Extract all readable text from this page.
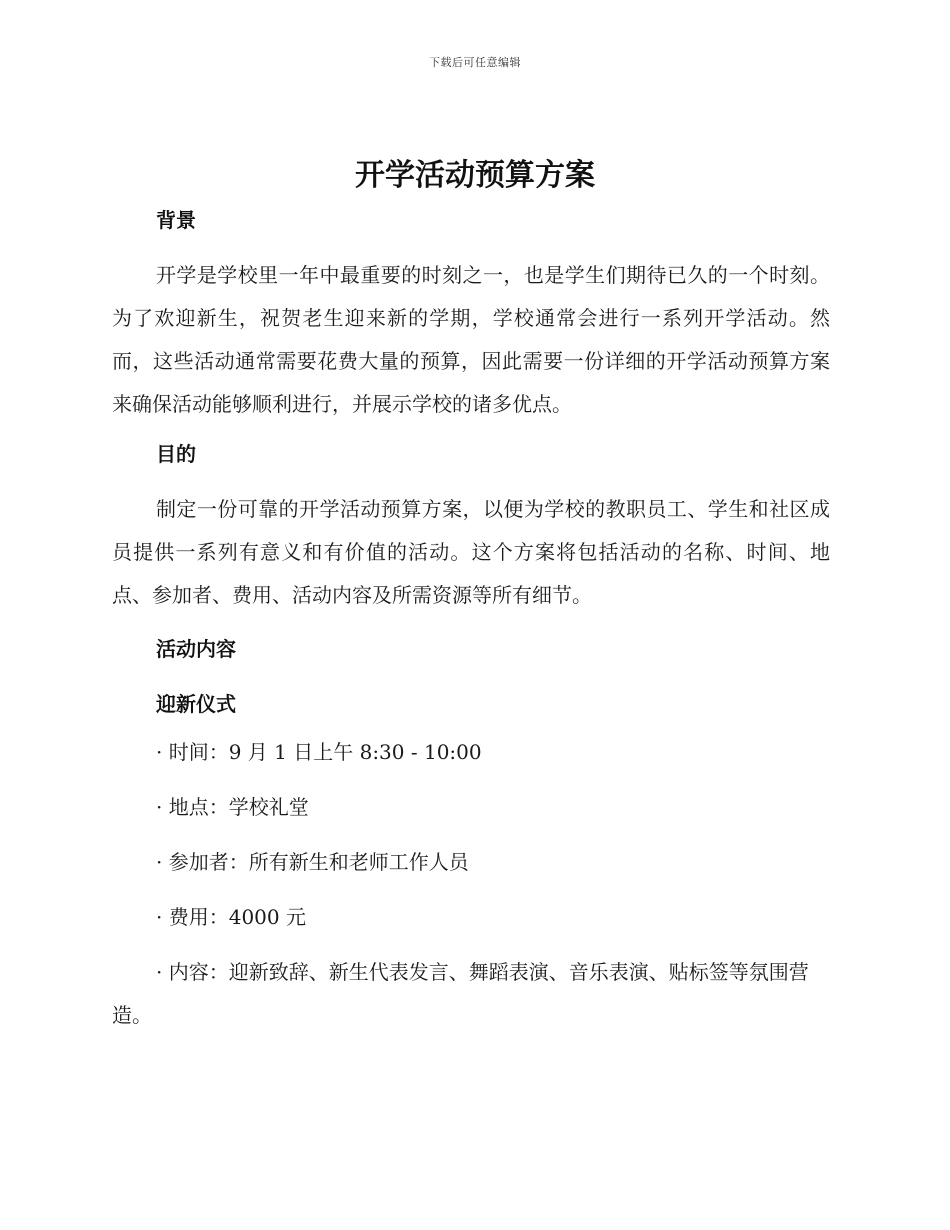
下载后可任意编辑
开学活动预算方案

背景

开学是学校里一年中最重要的时刻之一，也是学生们期待已久的一个时刻。为了欢迎新生，祝贺老生迎来新的学期，学校通常会进行一系列开学活动。然而，这些活动通常需要花费大量的预算，因此需要一份详细的开学活动预算方案来确保活动能够顺利进行，并展示学校的诸多优点。

目的

制定一份可靠的开学活动预算方案，以便为学校的教职员工、学生和社区成员提供一系列有意义和有价值的活动。这个方案将包括活动的名称、时间、地点、参加者、费用、活动内容及所需资源等所有细节。

活动内容

迎新仪式

· 时间：9 月 1 日上午 8:30 - 10:00

· 地点：学校礼堂

· 参加者：所有新生和老师工作人员

· 费用：4000 元

· 内容：迎新致辞、新生代表发言、舞蹈表演、音乐表演、贴标签等氛围营造。
